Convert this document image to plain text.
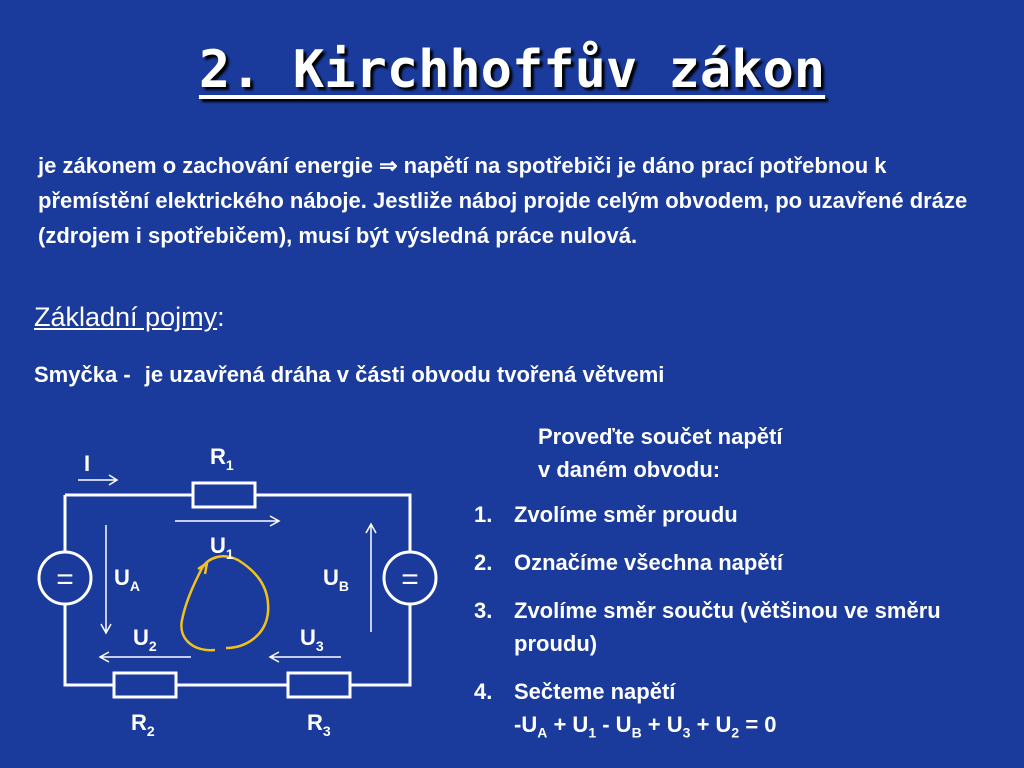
2. Kirchhoffův zákon
je zákonem o zachování energie ⇒ napětí na spotřebiči je dáno prací potřebnou k přemístění elektrického náboje. Jestliže náboj projde celým obvodem, po uzavřené dráze (zdrojem i spotřebičem), musí být výsledná práce nulová.
Základní pojmy:
Smyčka - je uzavřená dráha v části obvodu tvořená větvemi
Proveďte součet napětí
v daném obvodu:
1. Zvolíme směr proudu
2. Označíme všechna napětí
3. Zvolíme směr součtu (většinou ve směru proudu)
4. Sečteme napětí
$-U_A + U_1 - U_B + U_3 + U_2 = 0$
=	=
I	$R_1$
$U_1$
$U_A$	$U_B$
$U_2$	$U_3$
$R_2$	$R_3$
